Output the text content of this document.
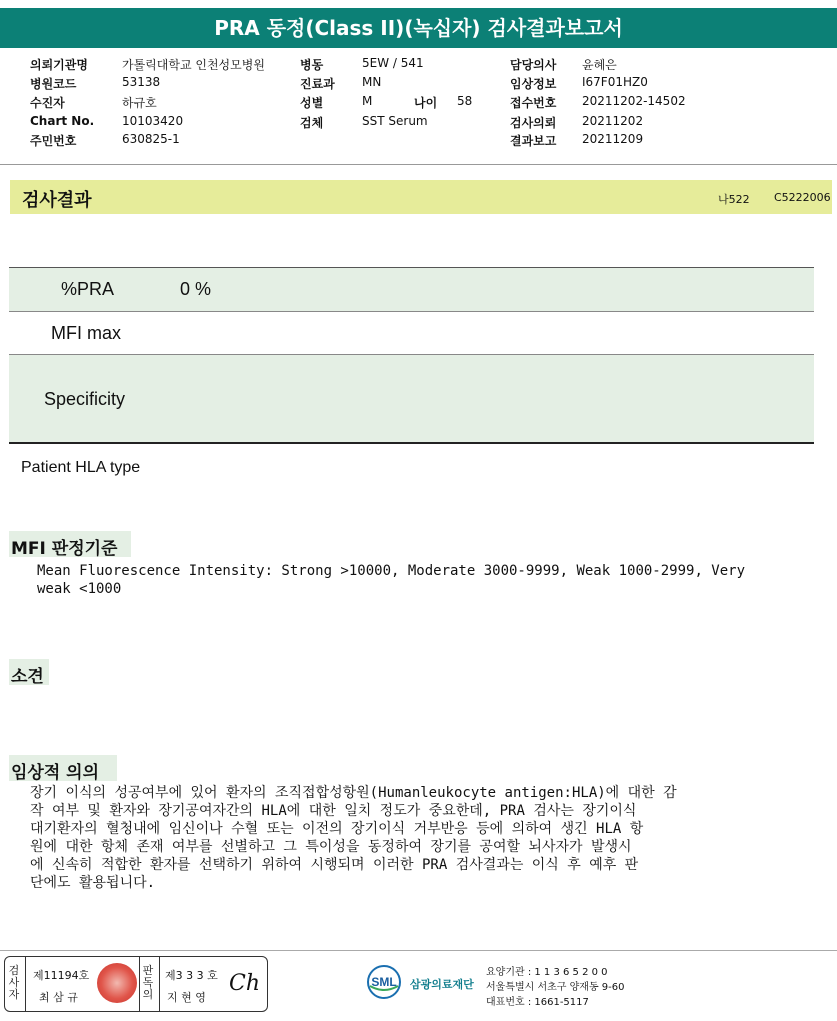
PRA 동정(Class II)(녹십자) 검사결과보고서
의뢰기관명	가톨릭대학교 인천성모병원	병동	5EW / 541	담당의사 윤혜은
병원코드	53138	진료과 MN	임상정보 I67F01HZ0
수진자	하규호	성별	M	나이 58	접수번호 20211202-14502
Chart No. 10103420	검체	SST Serum	검사의뢰 20211202
주민번호	630825-1	결과보고 20211209
검사결과	나522 C5222006
%PRA	0 %
MFI max
Specificity
Patient HLA type
MFI 판정기준
Mean Fluorescence Intensity: Strong >10000, Moderate 3000-9999, Weak 1000-2999, Very
weak <1000
소견
임상적 의의
장기 이식의 성공여부에 있어 환자의 조직접합성항원(Humanleukocyte antigen:HLA)에 대한 감
작 여부 및 환자와 장기공여자간의 HLA에 대한 일치 정도가 중요한데, PRA 검사는 장기이식
대기환자의 혈청내에 임신이나 수혈 또는 이전의 장기이식 거부반응 등에 의하여 생긴 HLA 항
원에 대한 항체 존재 여부를 선별하고 그 특이성을 동정하여 장기를 공여할 뇌사자가 발생시
에 신속히 적합한 환자를 선택하기 위하여 시행되며 이러한 PRA 검사결과는 이식 후 예후 판
단에도 활용됩니다.
검사자
제11194호
최 삼 규
판독의
제3 3 3 호
지 현 영
Ch	SML 삼광의료재단
요양기관 : 1 1 3 6 5 2 0 0
서울특별시 서초구 양재동 9-60
대표번호 : 1661-5117
